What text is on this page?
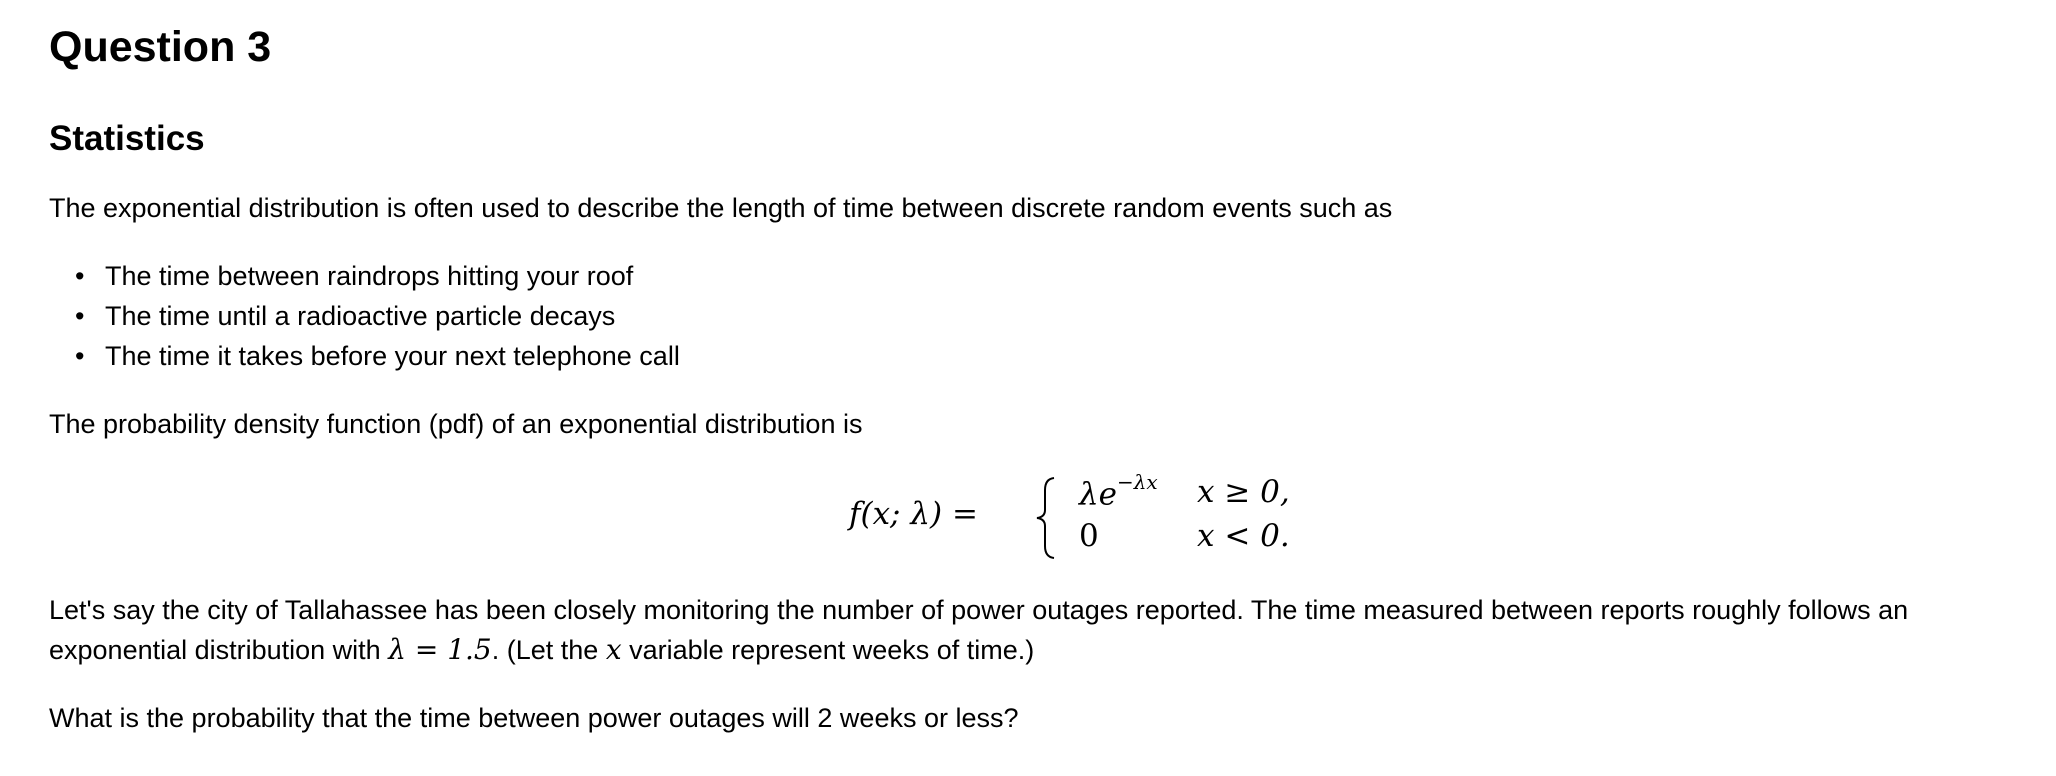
Question 3
Statistics

The exponential distribution is often used to describe the length of time between discrete random events such as

• The time between raindrops hitting your roof
• The time until a radioactive particle decays
• The time it takes before your next telephone call

The probability density function (pdf) of an exponential distribution is

f(x; λ) =
$\lambda e^{-\lambda x}$ x ≥ 0,
0	x < 0.

Let's say the city of Tallahassee has been closely monitoring the number of power outages reported. The time measured between reports roughly follows an exponential distribution with λ = 1.5. (Let the x variable represent weeks of time.)

What is the probability that the time between power outages will 2 weeks or less?
